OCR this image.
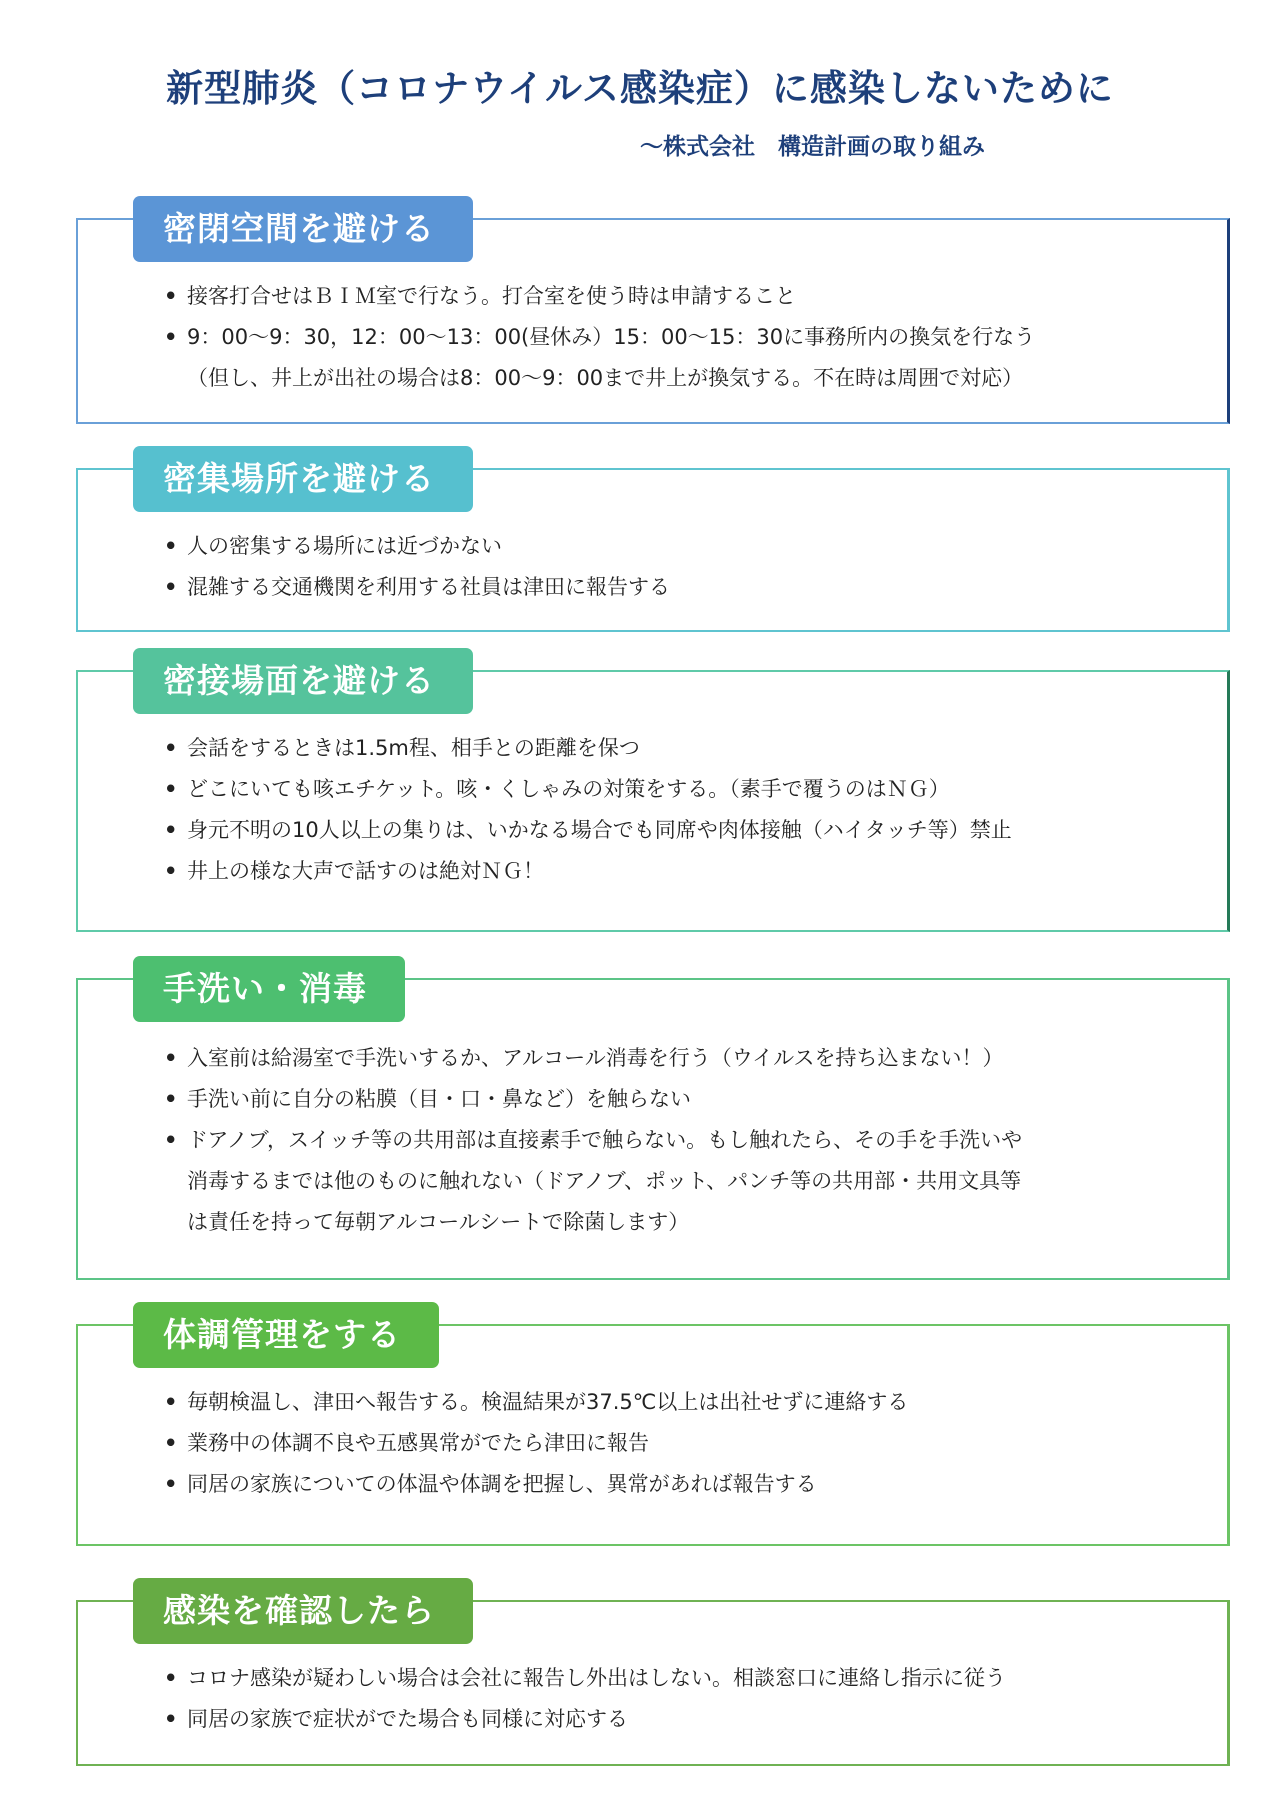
新型肺炎（コロナウイルス感染症）に感染しないために

～株式会社　構造計画の取り組み

密閉空間を避ける
• 接客打合せはＢＩＭ室で行なう。打合室を使う時は申請すること
• 9：00～9：30，12：00～13：00(昼休み）15：00～15：30に事務所内の換気を行なう
（但し、井上が出社の場合は8：00～9：00まで井上が換気する。不在時は周囲で対応）
密集場所を避ける
• 人の密集する場所には近づかない
• 混雑する交通機関を利用する社員は津田に報告する
密接場面を避ける
• 会話をするときは1.5m程、相手との距離を保つ
• どこにいても咳エチケット。咳・くしゃみの対策をする。（素手で覆うのはＮＧ）
• 身元不明の10人以上の集りは、いかなる場合でも同席や肉体接触（ハイタッチ等）禁止
• 井上の様な大声で話すのは絶対ＮＧ！
手洗い・消毒
• 入室前は給湯室で手洗いするか、アルコール消毒を行う（ウイルスを持ち込まない！）
• 手洗い前に自分の粘膜（目・口・鼻など）を触らない
• ドアノブ，スイッチ等の共用部は直接素手で触らない。もし触れたら、その手を手洗いや
消毒するまでは他のものに触れない（ドアノブ、ポット、パンチ等の共用部・共用文具等
は責任を持って毎朝アルコールシートで除菌します）
体調管理をする
• 毎朝検温し、津田へ報告する。検温結果が37.5℃以上は出社せずに連絡する
• 業務中の体調不良や五感異常がでたら津田に報告
• 同居の家族についての体温や体調を把握し、異常があれば報告する
感染を確認したら
• コロナ感染が疑わしい場合は会社に報告し外出はしない。相談窓口に連絡し指示に従う
• 同居の家族で症状がでた場合も同様に対応する
